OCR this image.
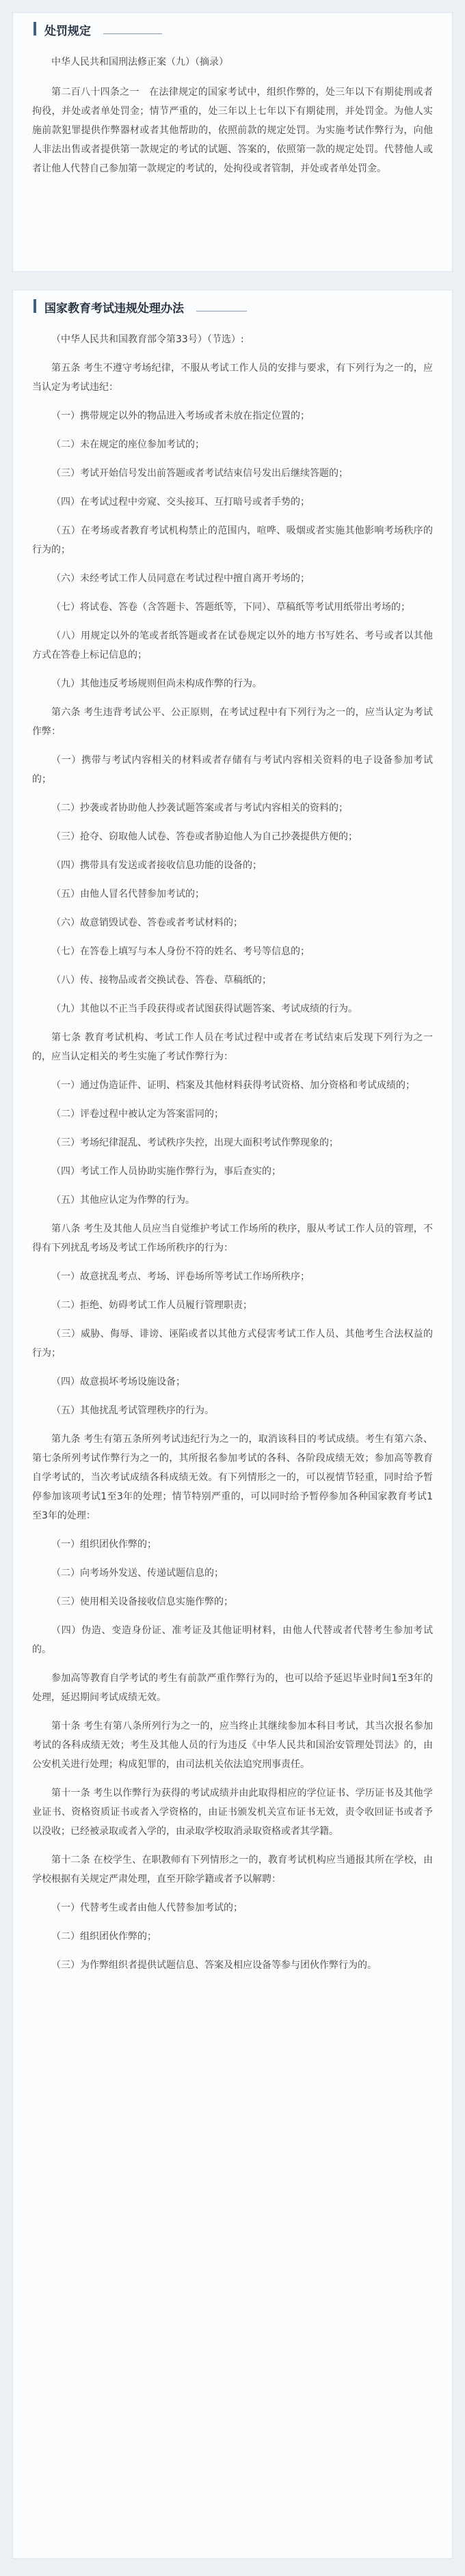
处罚规定

中华人民共和国刑法修正案（九）（摘录）

第二百八十四条之一　在法律规定的国家考试中，组织作弊的，处三年以下有期徒刑或者拘役，并处或者单处罚金；情节严重的，处三年以上七年以下有期徒刑，并处罚金。为他人实施前款犯罪提供作弊器材或者其他帮助的，依照前款的规定处罚。为实施考试作弊行为，向他人非法出售或者提供第一款规定的考试的试题、答案的，依照第一款的规定处罚。代替他人或者让他人代替自己参加第一款规定的考试的，处拘役或者管制，并处或者单处罚金。

国家教育考试违规处理办法

（中华人民共和国教育部令第33号）（节选）:

第五条 考生不遵守考场纪律，不服从考试工作人员的安排与要求，有下列行为之一的，应当认定为考试违纪：

（一）携带规定以外的物品进入考场或者未放在指定位置的；

（二）未在规定的座位参加考试的；

（三）考试开始信号发出前答题或者考试结束信号发出后继续答题的；

（四）在考试过程中旁窥、交头接耳、互打暗号或者手势的；

（五）在考场或者教育考试机构禁止的范围内，喧哗、吸烟或者实施其他影响考场秩序的行为的；

（六）未经考试工作人员同意在考试过程中擅自离开考场的；

（七）将试卷、答卷（含答题卡、答题纸等，下同）、草稿纸等考试用纸带出考场的；

（八）用规定以外的笔或者纸答题或者在试卷规定以外的地方书写姓名、考号或者以其他方式在答卷上标记信息的；

（九）其他违反考场规则但尚未构成作弊的行为。

第六条 考生违背考试公平、公正原则，在考试过程中有下列行为之一的，应当认定为考试作弊：

（一）携带与考试内容相关的材料或者存储有与考试内容相关资料的电子设备参加考试的；

（二）抄袭或者协助他人抄袭试题答案或者与考试内容相关的资料的；

（三）抢夺、窃取他人试卷、答卷或者胁迫他人为自己抄袭提供方便的；

（四）携带具有发送或者接收信息功能的设备的；

（五）由他人冒名代替参加考试的；

（六）故意销毁试卷、答卷或者考试材料的；

（七）在答卷上填写与本人身份不符的姓名、考号等信息的；

（八）传、接物品或者交换试卷、答卷、草稿纸的；

（九）其他以不正当手段获得或者试图获得试题答案、考试成绩的行为。

第七条 教育考试机构、考试工作人员在考试过程中或者在考试结束后发现下列行为之一的，应当认定相关的考生实施了考试作弊行为：

（一）通过伪造证件、证明、档案及其他材料获得考试资格、加分资格和考试成绩的；

（二）评卷过程中被认定为答案雷同的；

（三）考场纪律混乱、考试秩序失控，出现大面积考试作弊现象的；

（四）考试工作人员协助实施作弊行为，事后查实的；

（五）其他应认定为作弊的行为。

第八条 考生及其他人员应当自觉维护考试工作场所的秩序，服从考试工作人员的管理，不得有下列扰乱考场及考试工作场所秩序的行为：

（一）故意扰乱考点、考场、评卷场所等考试工作场所秩序；

（二）拒绝、妨碍考试工作人员履行管理职责；

（三）威胁、侮辱、诽谤、诬陷或者以其他方式侵害考试工作人员、其他考生合法权益的行为；

（四）故意损坏考场设施设备；

（五）其他扰乱考试管理秩序的行为。

第九条 考生有第五条所列考试违纪行为之一的，取消该科目的考试成绩。考生有第六条、第七条所列考试作弊行为之一的，其所报名参加考试的各科、各阶段成绩无效；参加高等教育自学考试的，当次考试成绩各科成绩无效。有下列情形之一的，可以视情节轻重，同时给予暂停参加该项考试1至3年的处理；情节特别严重的，可以同时给予暂停参加各种国家教育考试1至3年的处理：

（一）组织团伙作弊的；

（二）向考场外发送、传递试题信息的；

（三）使用相关设备接收信息实施作弊的；

（四）伪造、变造身份证、准考证及其他证明材料，由他人代替或者代替考生参加考试的。

参加高等教育自学考试的考生有前款严重作弊行为的，也可以给予延迟毕业时间1至3年的处理，延迟期间考试成绩无效。

第十条 考生有第八条所列行为之一的，应当终止其继续参加本科目考试，其当次报名参加考试的各科成绩无效；考生及其他人员的行为违反《中华人民共和国治安管理处罚法》的，由公安机关进行处理；构成犯罪的，由司法机关依法追究刑事责任。

第十一条 考生以作弊行为获得的考试成绩并由此取得相应的学位证书、学历证书及其他学业证书、资格资质证书或者入学资格的，由证书颁发机关宣布证书无效，责令收回证书或者予以没收；已经被录取或者入学的，由录取学校取消录取资格或者其学籍。

第十二条 在校学生、在职教师有下列情形之一的，教育考试机构应当通报其所在学校，由学校根据有关规定严肃处理，直至开除学籍或者予以解聘：

（一）代替考生或者由他人代替参加考试的；

（二）组织团伙作弊的；

（三）为作弊组织者提供试题信息、答案及相应设备等参与团伙作弊行为的。
